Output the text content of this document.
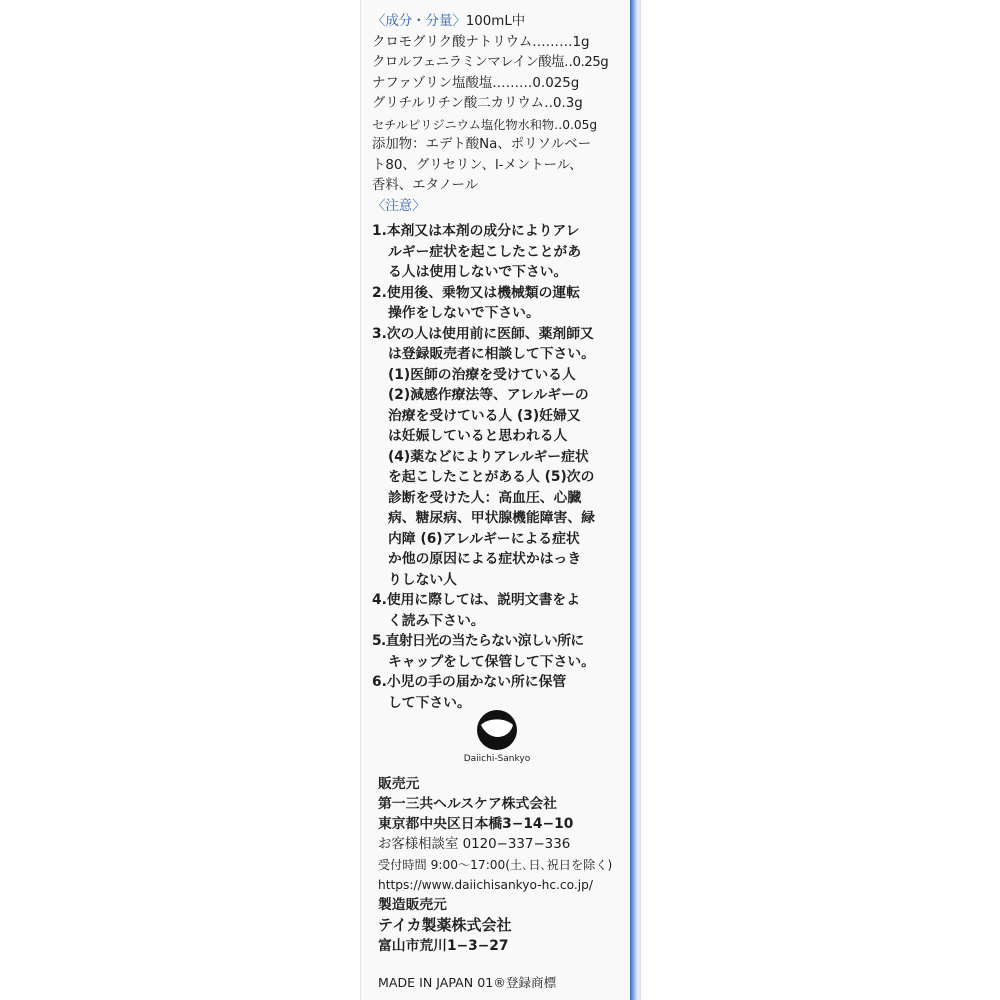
〈成分・分量〉100mL中
クロモグリク酸ナトリウム………1g
クロルフェニラミンマレイン酸塩‥0.25g
ナファゾリン塩酸塩………0.025g
グリチルリチン酸二カリウム‥0.3g
セチルピリジニウム塩化物水和物‥0.05g
添加物：エデト酸Na、ポリソルベー
ト80、グリセリン、l-メントール、
香料、エタノール
〈注意〉
1.本剤又は本剤の成分によりアレ
ルギー症状を起こしたことがあ
る人は使用しないで下さい。
2.使用後、乗物又は機械類の運転
操作をしないで下さい。
3.次の人は使用前に医師、薬剤師又
は登録販売者に相談して下さい。
(1)医師の治療を受けている人
(2)減感作療法等、アレルギーの
治療を受けている人 (3)妊婦又
は妊娠していると思われる人
(4)薬などによりアレルギー症状
を起こしたことがある人 (5)次の
診断を受けた人：高血圧、心臓
病、糖尿病、甲状腺機能障害、緑
内障 (6)アレルギーによる症状
か他の原因による症状かはっき
りしない人
4.使用に際しては、説明文書をよ
く読み下さい。
5.直射日光の当たらない涼しい所に
キャップをして保管して下さい。
6.小児の手の届かない所に保管
して下さい。
Daiichi-Sankyo
販売元
第一三共ヘルスケア株式会社
東京都中央区日本橋3−14−10
お客様相談室 0120−337−336
受付時間 9:00〜17:00(土､日､祝日を除く)
https://www.daiichisankyo-hc.co.jp/
製造販売元
テイカ製薬株式会社
富山市荒川1−3−27
MADE IN JAPAN 01®登録商標
